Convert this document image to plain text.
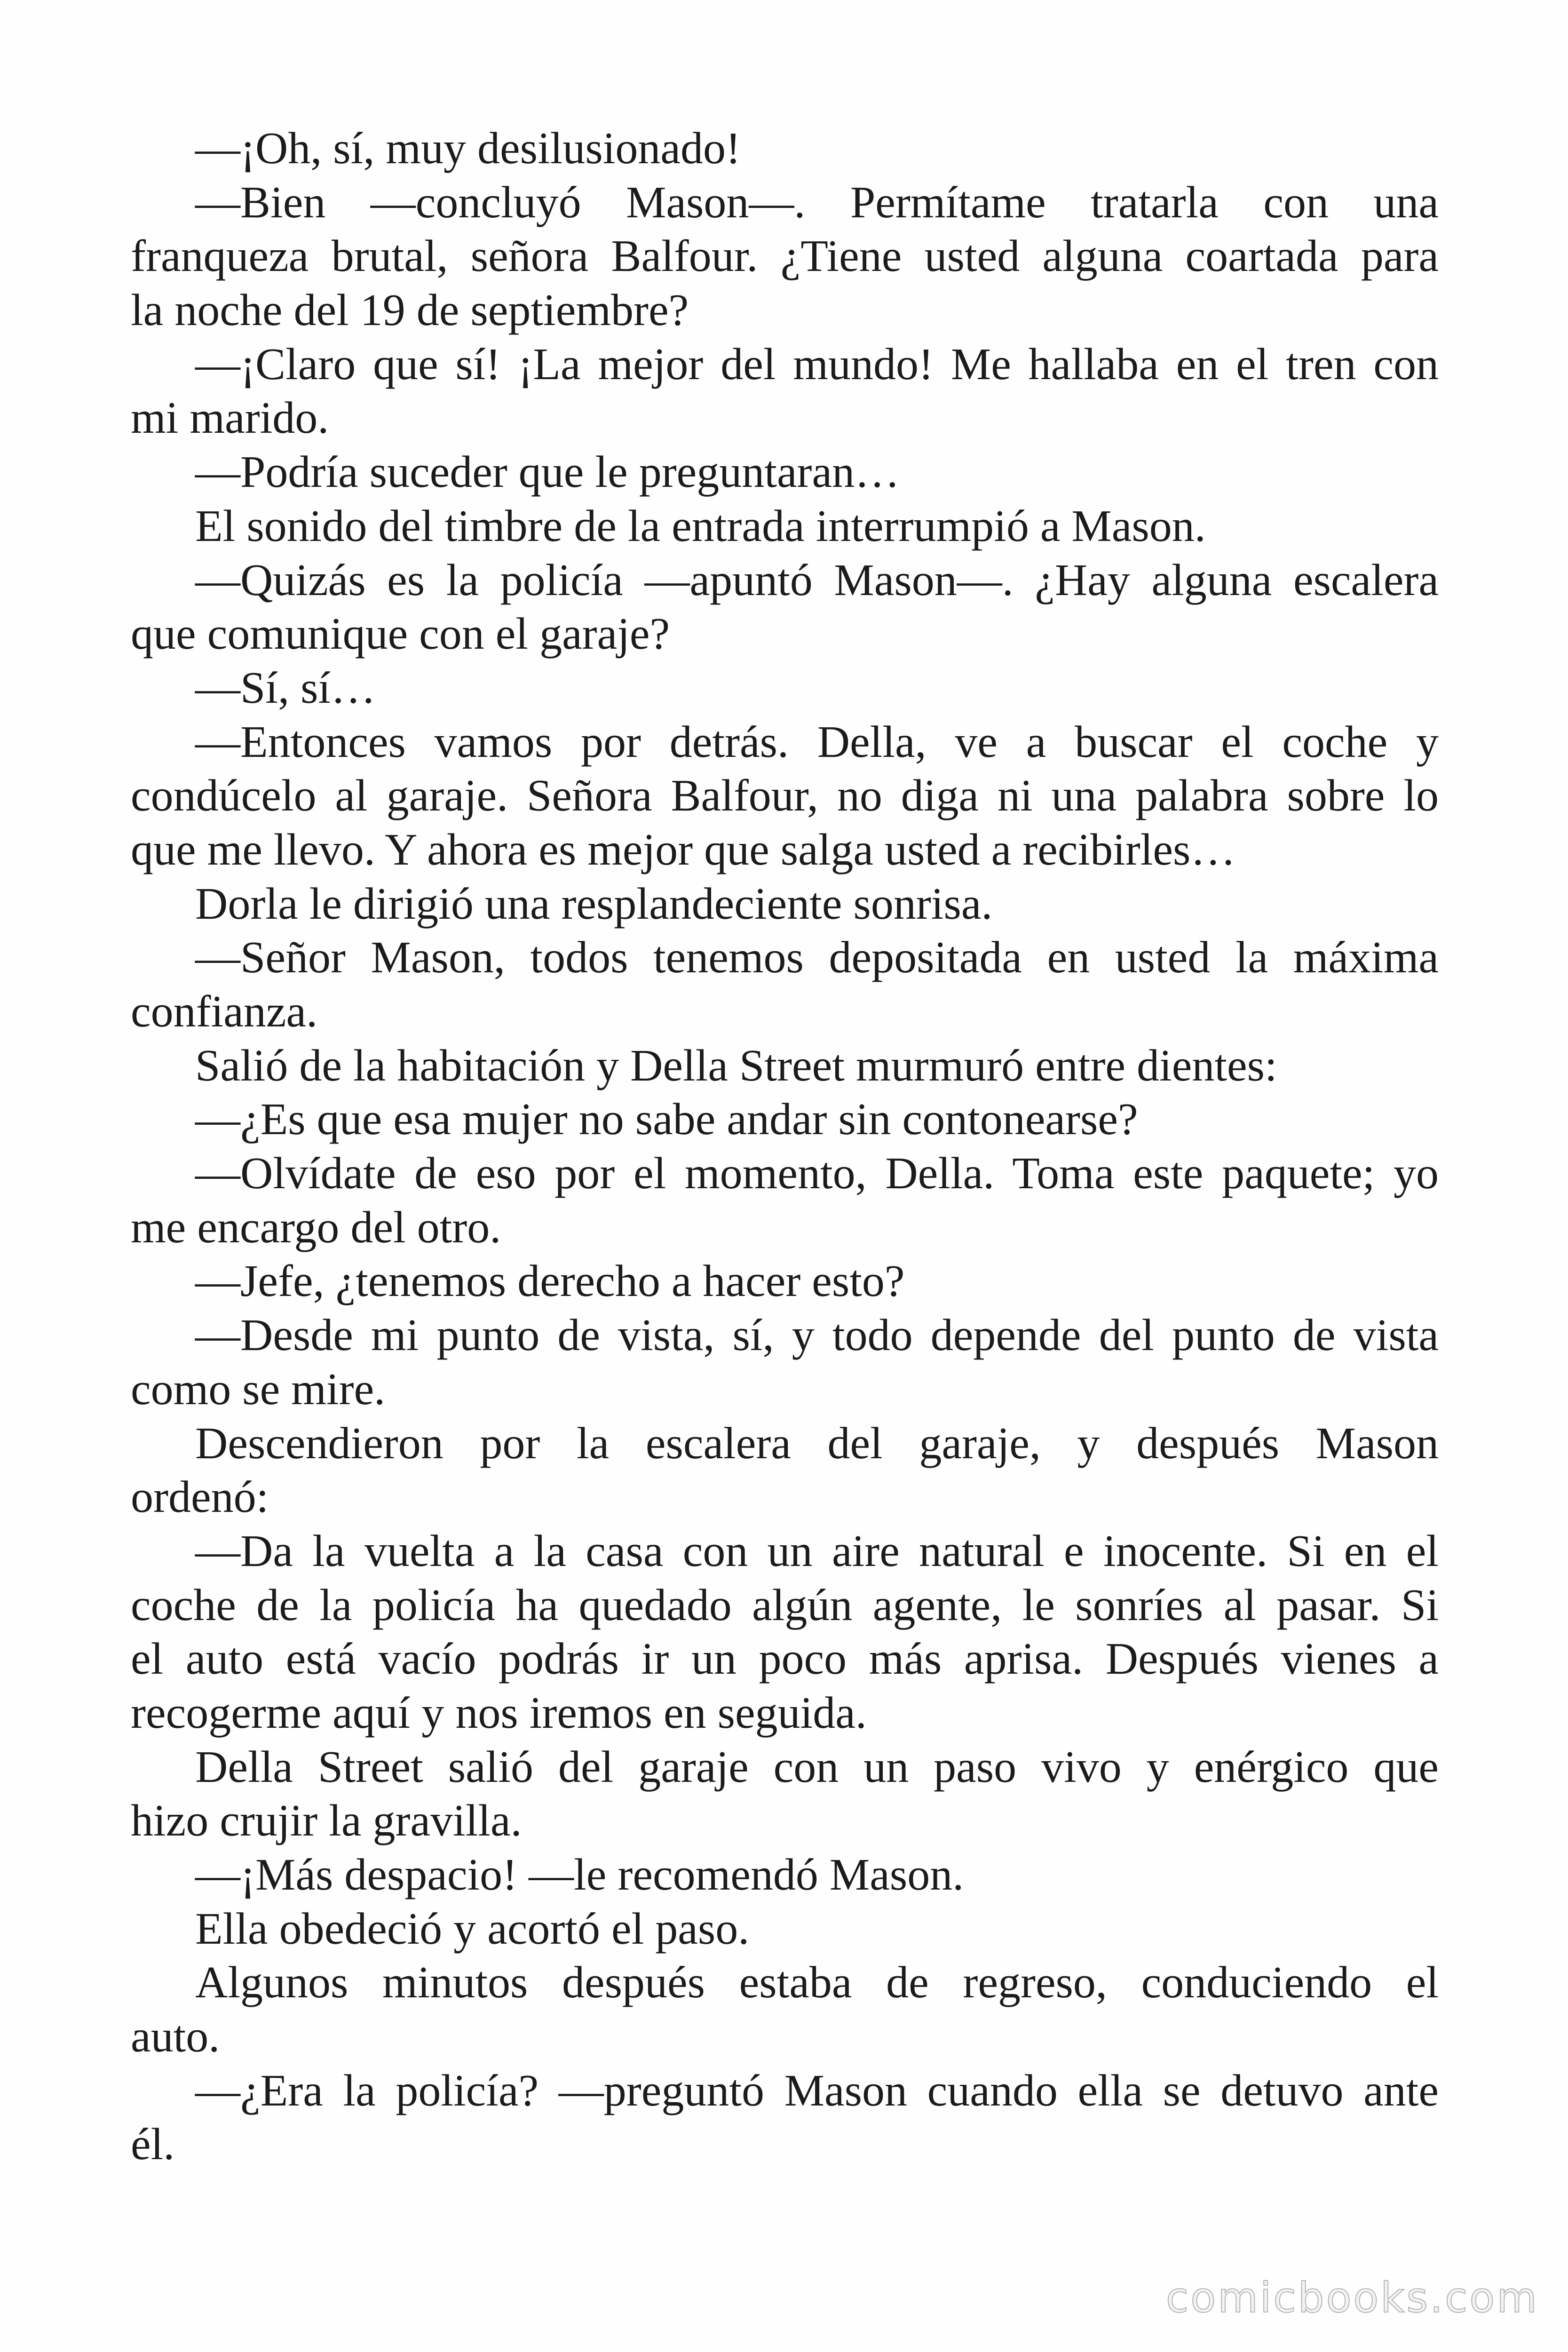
—¡Oh, sí, muy desilusionado!
—Bien —concluyó Mason—. Permítame tratarla con una
franqueza brutal, señora Balfour. ¿Tiene usted alguna coartada para
la noche del 19 de septiembre?
—¡Claro que sí! ¡La mejor del mundo! Me hallaba en el tren con
mi marido.
—Podría suceder que le preguntaran…
El sonido del timbre de la entrada interrumpió a Mason.
—Quizás es la policía —apuntó Mason—. ¿Hay alguna escalera
que comunique con el garaje?
—Sí, sí…
—Entonces vamos por detrás. Della, ve a buscar el coche y
condúcelo al garaje. Señora Balfour, no diga ni una palabra sobre lo
que me llevo. Y ahora es mejor que salga usted a recibirles…
Dorla le dirigió una resplandeciente sonrisa.
—Señor Mason, todos tenemos depositada en usted la máxima
confianza.
Salió de la habitación y Della Street murmuró entre dientes:
—¿Es que esa mujer no sabe andar sin contonearse?
—Olvídate de eso por el momento, Della. Toma este paquete; yo
me encargo del otro.
—Jefe, ¿tenemos derecho a hacer esto?
—Desde mi punto de vista, sí, y todo depende del punto de vista
como se mire.
Descendieron por la escalera del garaje, y después Mason
ordenó:
—Da la vuelta a la casa con un aire natural e inocente. Si en el
coche de la policía ha quedado algún agente, le sonríes al pasar. Si
el auto está vacío podrás ir un poco más aprisa. Después vienes a
recogerme aquí y nos iremos en seguida.
Della Street salió del garaje con un paso vivo y enérgico que
hizo crujir la gravilla.
—¡Más despacio! —le recomendó Mason.
Ella obedeció y acortó el paso.
Algunos minutos después estaba de regreso, conduciendo el
auto.
—¿Era la policía? —preguntó Mason cuando ella se detuvo ante
él.
comicbooks.com
